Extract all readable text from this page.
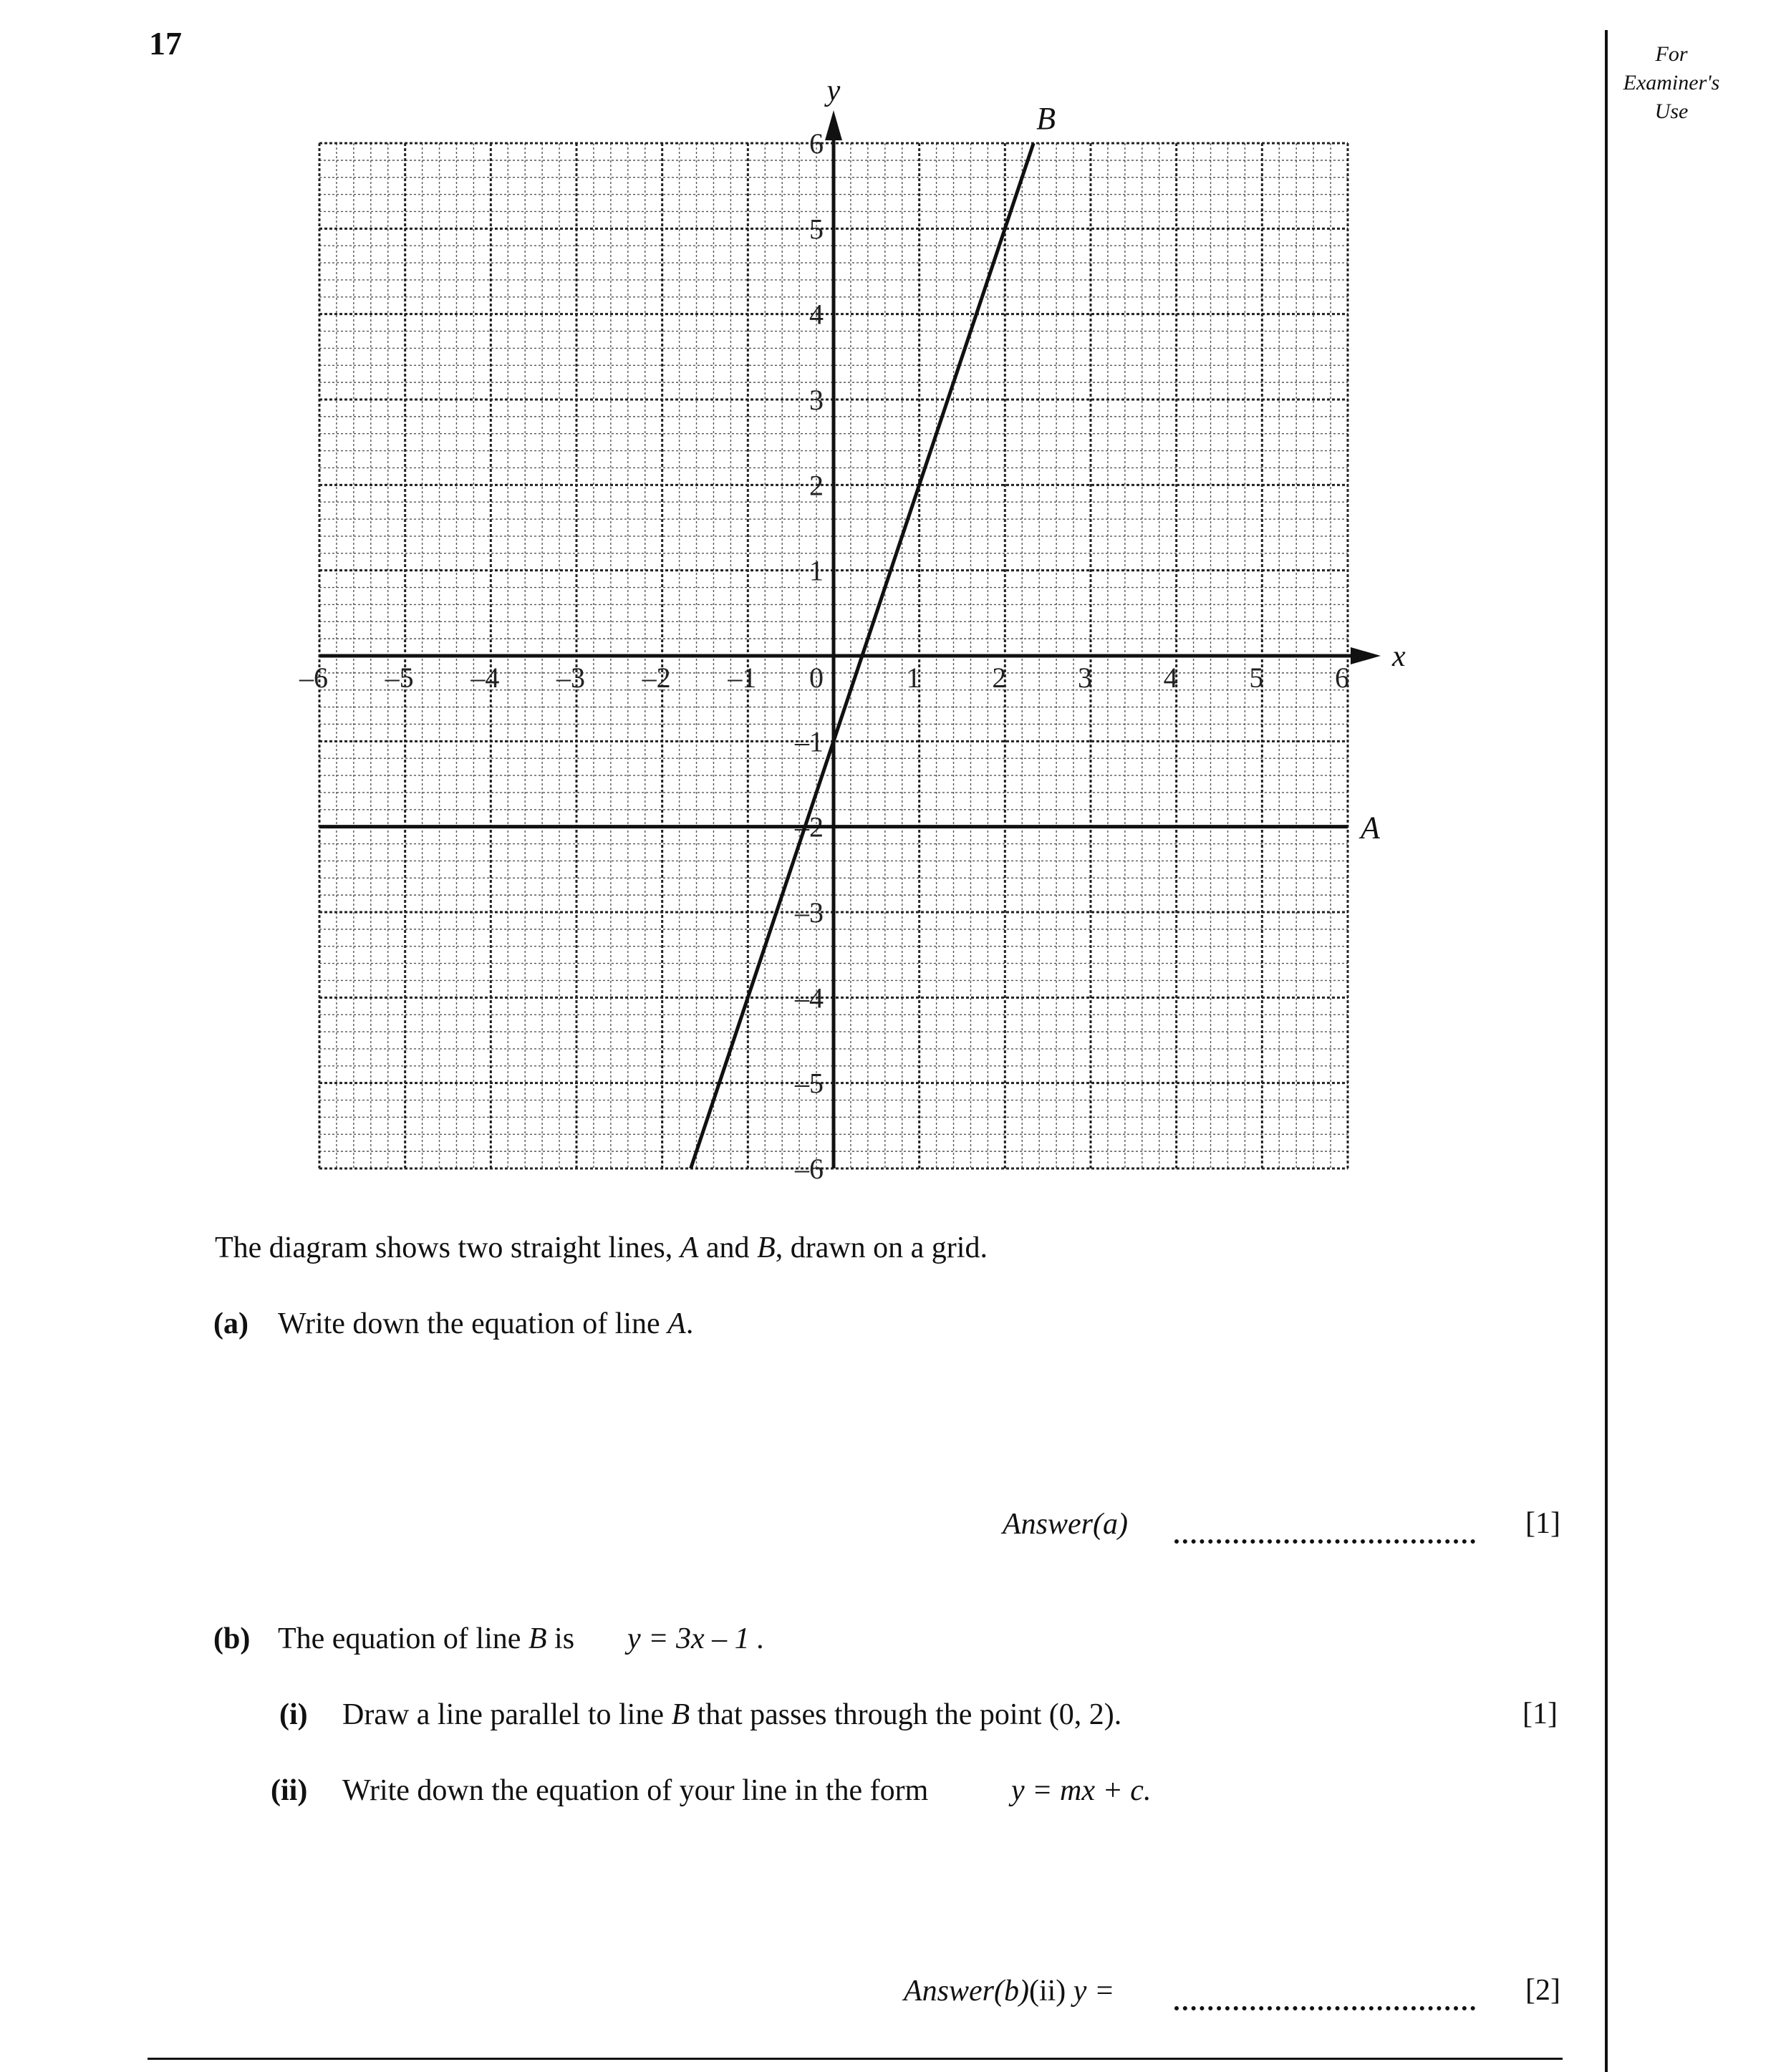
17	For
Examiner's
Use
x
y
–6 –5 –4 –3 –2 –1 0	1 2 3 4 5 6
–6
–5
–4
–3
–2
–1
1
2
3
4
5
6
A
B
The diagram shows two straight lines, A and B, drawn on a grid.
(a) Write down the equation of line A.
Answer(a)	[1]
(b) The equation of line B is y = 3x – 1 .
(i) Draw a line parallel to line B that passes through the point (0, 2).	[1]
(ii) Write down the equation of your line in the form	y = mx + c.
Answer(b)(ii) y =	[2]
